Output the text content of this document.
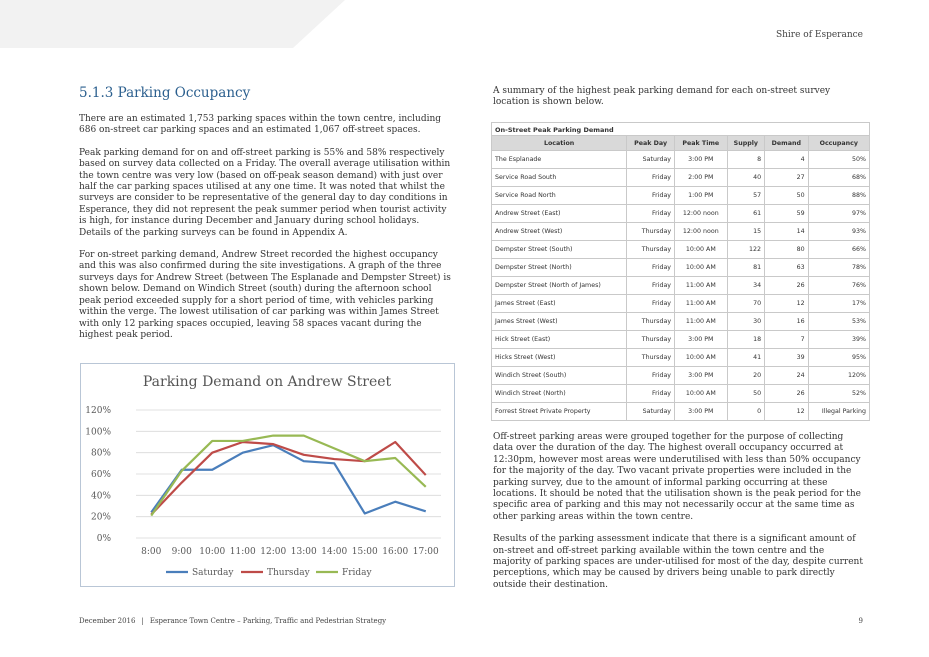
Shire of Esperance
5.1.3 Parking Occupancy

There are an estimated 1,753 parking spaces within the town centre, including 686 on-street car parking spaces and an estimated 1,067 off-street spaces.

Peak parking demand for on and off-street parking is 55% and 58% respectively based on survey data collected on a Friday. The overall average utilisation within the town centre was very low (based on off-peak season demand) with just over half the car parking spaces utilised at any one time. It was noted that whilst the surveys are consider to be representative of the general day to day conditions in Esperance, they did not represent the peak summer period when tourist activity is high, for instance during December and January during school holidays. Details of the parking surveys can be found in Appendix A.

For on-street parking demand, Andrew Street recorded the highest occupancy and this was also confirmed during the site investigations. A graph of the three surveys days for Andrew Street (between The Esplanade and Dempster Street) is shown below. Demand on Windich Street (south) during the afternoon school peak period exceeded supply for a short period of time, with vehicles parking within the verge. The lowest utilisation of car parking was within James Street with only 12 parking spaces occupied, leaving 58 spaces vacant during the highest peak period.

Parking Demand on Andrew Street
0%
20%
40%
60%
80%
100%
120%
8:00 9:00 10:00 11:00 12:00 13:00 14:00 15:00 16:00 17:00
Saturday	Thursday	Friday
A summary of the highest peak parking demand for each on-street survey location is shown below.
On-Street Peak Parking Demand					
Location	Peak Day	Peak Time	Supply	Demand	Occupancy
The Esplanade	Saturday	3:00 PM	8	4	50%
Service Road South	Friday	2:00 PM	40	27	68%
Service Road North	Friday	1:00 PM	57	50	88%
Andrew Street (East)	Friday	12:00 noon	61	59	97%
Andrew Street (West)	Thursday	12:00 noon	15	14	93%
Dempster Street (South)	Thursday	10:00 AM	122	80	66%
Dempster Street (North)	Friday	10:00 AM	81	63	78%
Dempster Street (North of James)	Friday	11:00 AM	34	26	76%
James Street (East)	Friday	11:00 AM	70	12	17%
James Street (West)	Thursday	11:00 AM	30	16	53%
Hick Street (East)	Thursday	3:00 PM	18	7	39%
Hicks Street (West)	Thursday	10:00 AM	41	39	95%
Windich Street (South)	Friday	3:00 PM	20	24	120%
Windich Street (North)	Friday	10:00 AM	50	26	52%
Forrest Street Private Property	Saturday	3:00 PM	0	12	Illegal Parking

Off-street parking areas were grouped together for the purpose of collecting data over the duration of the day. The highest overall occupancy occurred at 12:30pm, however most areas were underutilised with less than 50% occupancy for the majority of the day. Two vacant private properties were included in the parking survey, due to the amount of informal parking occurring at these locations. It should be noted that the utilisation shown is the peak period for the specific area of parking and this may not necessarily occur at the same time as other parking areas within the town centre.

Results of the parking assessment indicate that there is a significant amount of on-street and off-street parking available within the town centre and the majority of parking spaces are under-utilised for most of the day, despite current perceptions, which may be caused by drivers being unable to park directly outside their destination.

December 2016 | Esperance Town Centre – Parking, Traffic and Pedestrian Strategy	9
